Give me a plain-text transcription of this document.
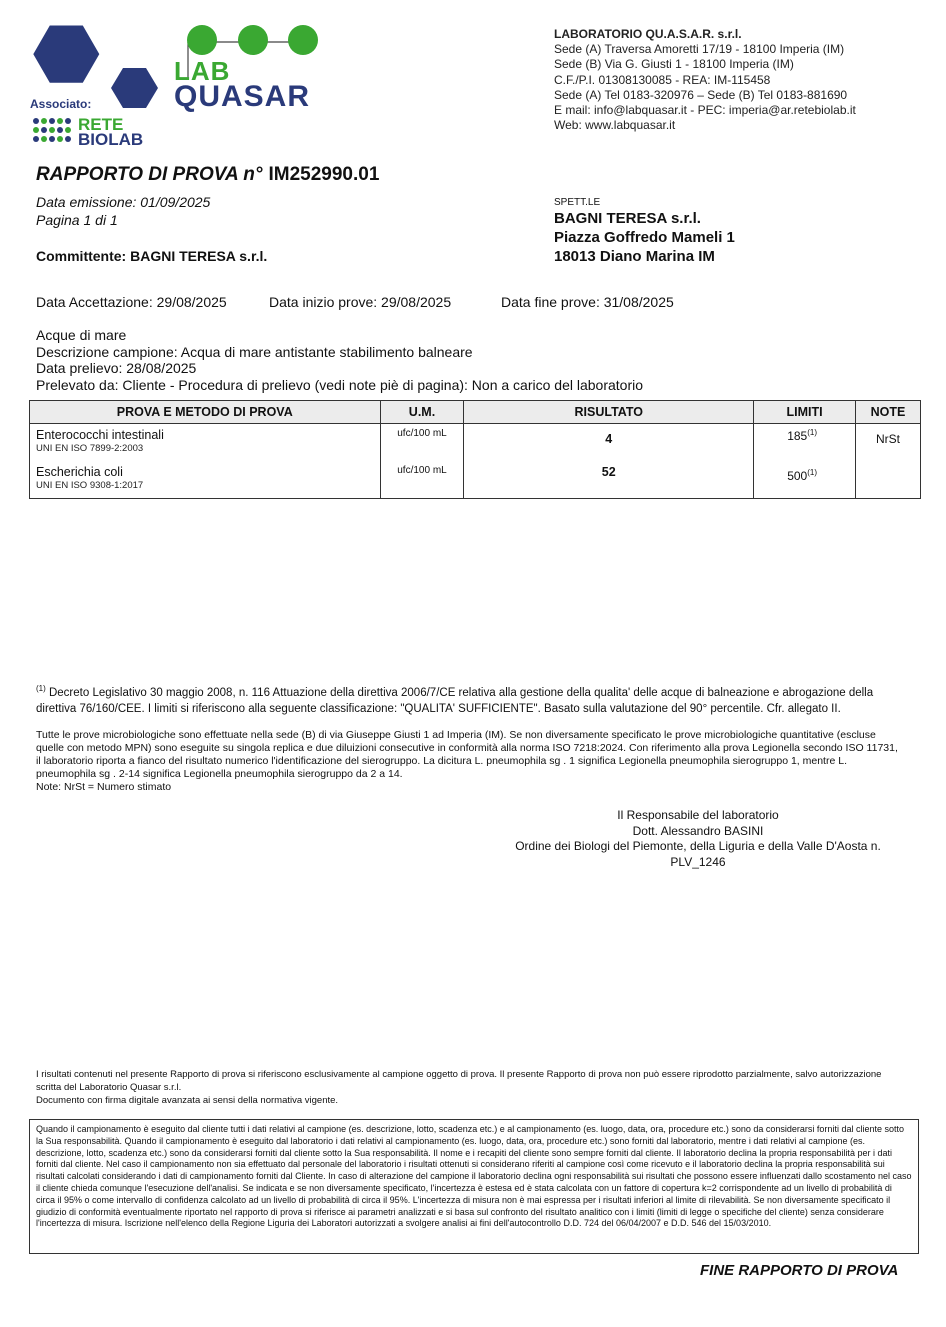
LAB
QUASAR
Associato:
RETE
BIOLAB
LABORATORIO QU.A.S.A.R. s.r.l.
Sede (A) Traversa Amoretti 17/19 - 18100 Imperia (IM)
Sede (B) Via G. Giusti 1 - 18100 Imperia (IM)
C.F./P.I. 01308130085 - REA: IM-115458
Sede (A) Tel 0183-320976 – Sede (B) Tel 0183-881690
E mail: info@labquasar.it - PEC: imperia@ar.retebiolab.it
Web: www.labquasar.it
RAPPORTO DI PROVA n° IM252990.01
Data emissione: 01/09/2025
Pagina 1 di 1
Committente: BAGNI TERESA s.r.l.
SPETT.LE
BAGNI TERESA s.r.l.
Piazza Goffredo Mameli 1
18013 Diano Marina IM
Data Accettazione: 29/08/2025	Data inizio prove: 29/08/2025	Data fine prove: 31/08/2025
Acque di mare
Descrizione campione: Acqua di mare antistante stabilimento balneare
Data prelievo: 28/08/2025
Prelevato da: Cliente - Procedura di prelievo (vedi note piè di pagina): Non a carico del laboratorio
PROVA E METODO DI PROVA	U.M.	RISULTATO	LIMITI	NOTE

Enterococchi intestinali
UNI EN ISO 7899-2:2003	ufc/100 mL	4	185$^{(1)}$	NrSt

Escherichia coli
UNI EN ISO 9308-1:2017	ufc/100 mL	52	500$^{(1)}$	
$^{(1)}$ Decreto Legislativo 30 maggio 2008, n. 116 Attuazione della direttiva 2006/7/CE relativa alla gestione della qualita' delle acque di balneazione e abrogazione della direttiva 76/160/CEE. I limiti si riferiscono alla seguente classificazione: "QUALITA' SUFFICIENTE". Basato sulla valutazione del 90° percentile. Cfr. allegato II.
Tutte le prove microbiologiche sono effettuate nella sede (B) di via Giuseppe Giusti 1 ad Imperia (IM). Se non diversamente specificato le prove microbiologiche quantitative (escluse quelle con metodo MPN) sono eseguite su singola replica e due diluizioni consecutive in conformità alla norma ISO 7218:2024. Con riferimento alla prova Legionella secondo ISO 11731, il laboratorio riporta a fianco del risultato numerico l'identificazione del sierogruppo. La dicitura L. pneumophila sg . 1 significa Legionella pneumophila sierogruppo 1, mentre L. pneumophila sg . 2-14 significa Legionella pneumophila sierogruppo da 2 a 14.
Note: NrSt = Numero stimato
Il Responsabile del laboratorio
Dott. Alessandro BASINI
Ordine dei Biologi del Piemonte, della Liguria e della Valle D'Aosta n. PLV_1246
I risultati contenuti nel presente Rapporto di prova si riferiscono esclusivamente al campione oggetto di prova. Il presente Rapporto di prova non può essere riprodotto parzialmente, salvo autorizzazione scritta del Laboratorio Quasar s.r.l.
Documento con firma digitale avanzata ai sensi della normativa vigente.
Quando il campionamento è eseguito dal cliente tutti i dati relativi al campione (es. descrizione, lotto, scadenza etc.) e al campionamento (es. luogo, data, ora, procedure etc.) sono da considerarsi forniti dal cliente sotto la Sua responsabilità. Quando il campionamento è eseguito dal laboratorio i dati relativi al campionamento (es. luogo, data, ora, procedure etc.) sono forniti dal laboratorio, mentre i dati relativi al campione (es. descrizione, lotto, scadenza etc.) sono da considerarsi forniti dal cliente sotto la Sua responsabilità. Il nome e i recapiti del cliente sono sempre forniti dal cliente. Il laboratorio declina la propria responsabilità per i dati forniti dal cliente. Nel caso il campionamento non sia effettuato dal personale del laboratorio i risultati ottenuti si considerano riferiti al campione così come ricevuto e il laboratorio declina la propria responsabilità sui risultati calcolati considerando i dati di campionamento forniti dal Cliente. In caso di alterazione del campione il laboratorio declina ogni responsabilità sui risultati che possono essere influenzati dallo scostamento nel caso il cliente chieda comunque l'esecuzione dell'analisi. Se indicata e se non diversamente specificato, l'incertezza è estesa ed è stata calcolata con un fattore di copertura k=2 corrispondente ad un livello di probabilità di circa il 95% o come intervallo di confidenza calcolato ad un livello di probabilità di circa il 95%. L'incertezza di misura non è mai espressa per i risultati inferiori al limite di rilevabilità. Se non diversamente specificato il giudizio di conformità eventualmente riportato nel rapporto di prova si riferisce ai parametri analizzati e si basa sul confronto del risultato analitico con i limiti (limiti di legge o specifiche del cliente) senza considerare l'incertezza di misura. Iscrizione nell'elenco della Regione Liguria dei Laboratori autorizzati a svolgere analisi ai fini dell'autocontrollo D.D. 724 del 06/04/2007 e D.D. 546 del 15/03/2010.
FINE RAPPORTO DI PROVA
